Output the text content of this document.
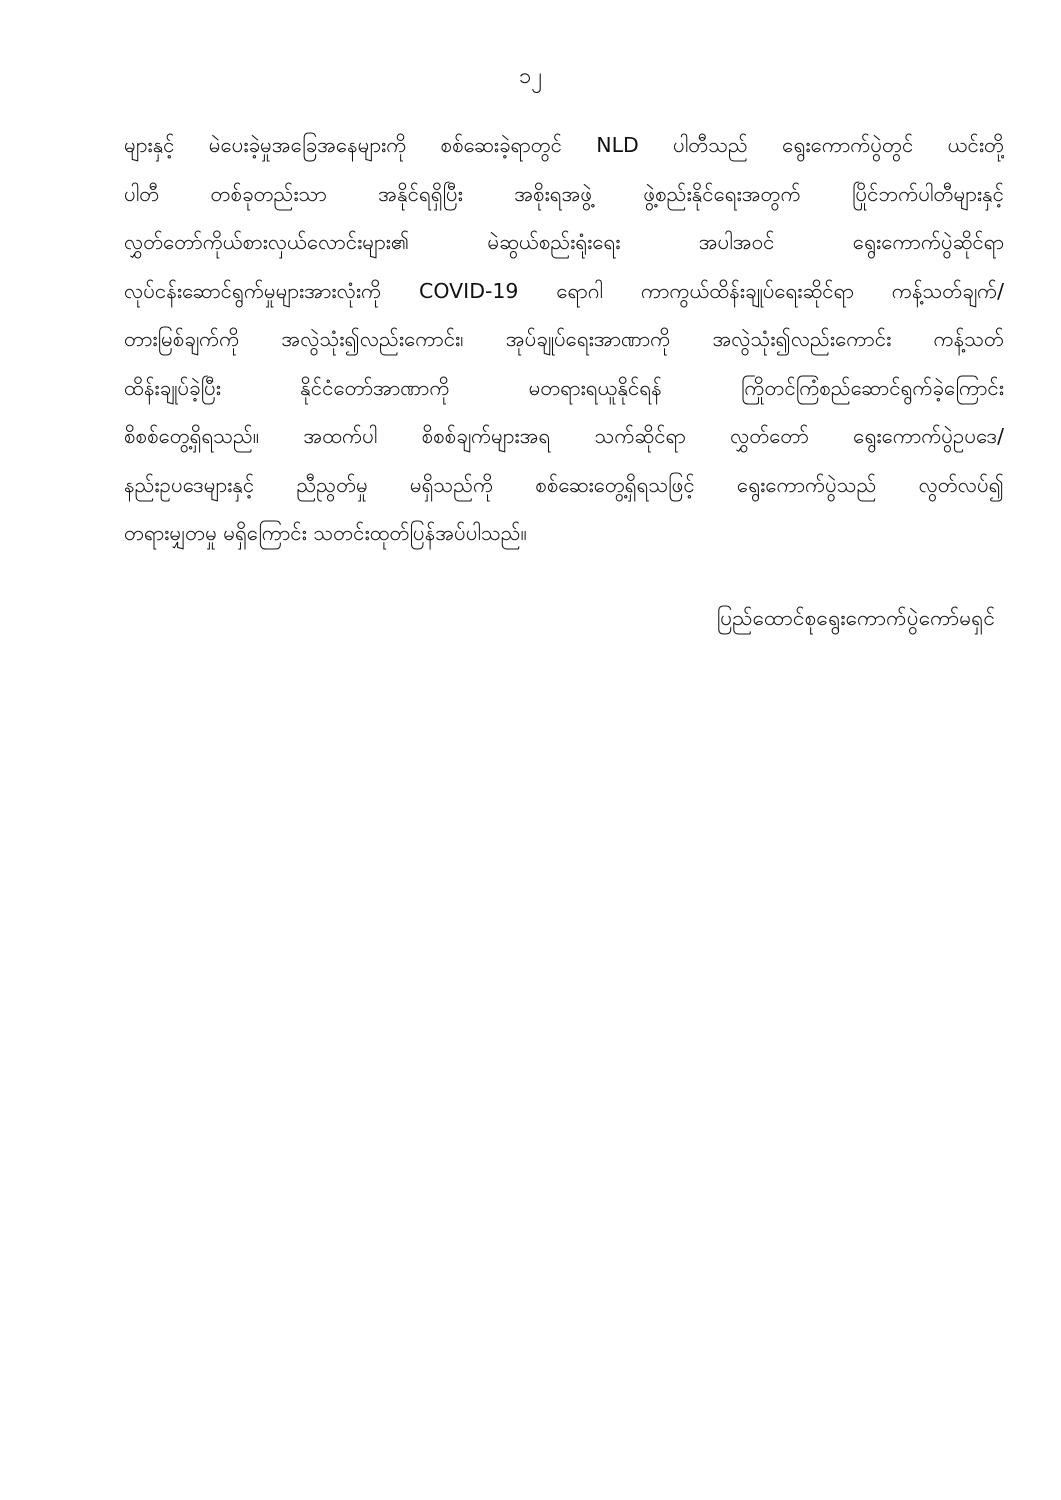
၁၂
များနှင့် မဲပေးခဲ့မှုအခြေအနေများကို စစ်ဆေးခဲ့ရာတွင် NLD ပါတီသည် ရွေးကောက်ပွဲတွင် ယင်းတို့
ပါတီ တစ်ခုတည်းသာ အနိုင်ရရှိပြီး အစိုးရအဖွဲ့ ဖွဲ့စည်းနိုင်ရေးအတွက် ပြိုင်ဘက်ပါတီများနှင့်
လွှတ်တော်ကိုယ်စားလှယ်လောင်းများ၏ မဲဆွယ်စည်းရုံးရေး အပါအဝင် ရွေးကောက်ပွဲဆိုင်ရာ
လုပ်ငန်းဆောင်ရွက်မှုများအားလုံးကို COVID-19 ရောဂါ ကာကွယ်ထိန်းချုပ်ရေးဆိုင်ရာ ကန့်သတ်ချက်/
တားမြစ်ချက်ကို အလွဲသုံး၍လည်းကောင်း၊ အုပ်ချုပ်ရေးအာဏာကို အလွဲသုံး၍လည်းကောင်း ကန့်သတ်
ထိန်းချုပ်ခဲ့ပြီး နိုင်ငံတော်အာဏာကို မတရားရယူနိုင်ရန် ကြိုတင်ကြံစည်ဆောင်ရွက်ခဲ့ကြောင်း
စိစစ်တွေ့ရှိရသည်။ အထက်ပါ စိစစ်ချက်များအရ သက်ဆိုင်ရာ လွှတ်တော် ရွေးကောက်ပွဲဥပဒေ/
နည်းဥပဒေများနှင့် ညီညွတ်မှု မရှိသည်ကို စစ်ဆေးတွေ့ရှိရသဖြင့် ရွေးကောက်ပွဲသည် လွတ်လပ်၍
တရားမျှတမှု မရှိကြောင်း သတင်းထုတ်ပြန်အပ်ပါသည်။
ပြည်ထောင်စုရွေးကောက်ပွဲကော်မရှင်
